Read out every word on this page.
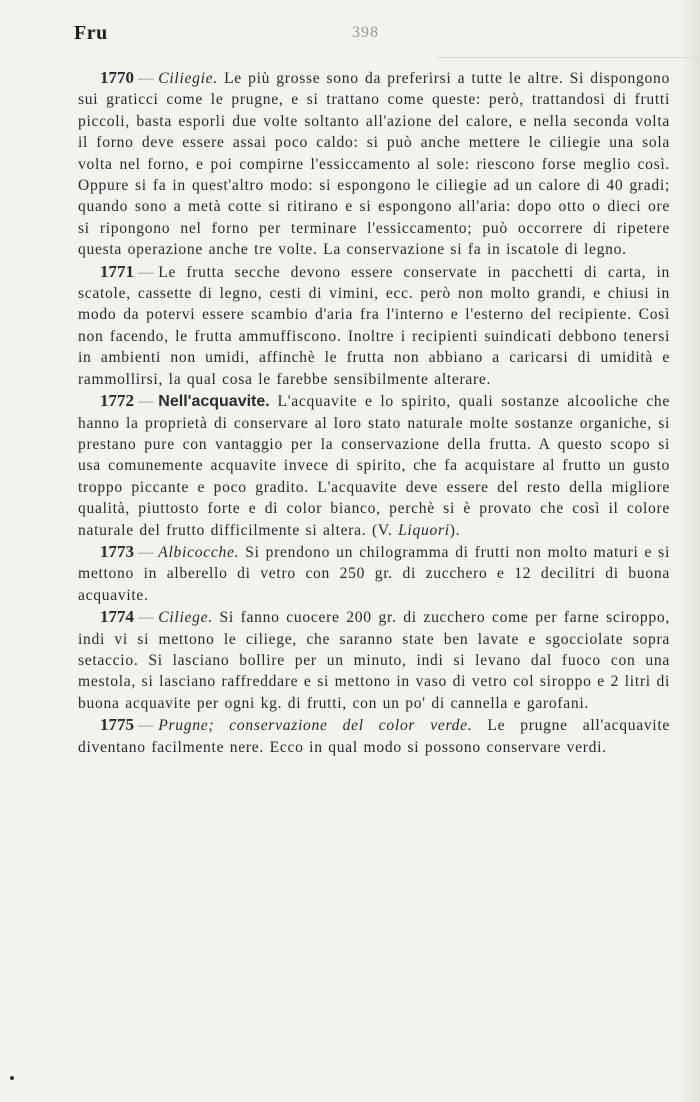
Fru	398

1770 — Ciliegie. Le più grosse sono da preferirsi a tutte le altre. Si dispongono sui graticci come le prugne, e si trattano come queste: però, trattandosi di frutti piccoli, basta esporli due volte soltanto all'azione del calore, e nella seconda volta il forno deve essere assai poco caldo: si può anche mettere le ciliegie una sola volta nel forno, e poi compirne l'essiccamento al sole: riescono forse meglio così. Oppure si fa in quest'altro modo: si espongono le ciliegie ad un calore di 40 gradi; quando sono a metà cotte si ritirano e si espongono all'aria: dopo otto o dieci ore si ripongono nel forno per terminare l'essiccamento; può occorrere di ripetere questa operazione anche tre volte. La conservazione si fa in iscatole di legno.

1771 — Le frutta secche devono essere conservate in pacchetti di carta, in scatole, cassette di legno, cesti di vimini, ecc. però non molto grandi, e chiusi in modo da potervi essere scambio d'aria fra l'interno e l'esterno del recipiente. Così non facendo, le frutta ammuffiscono. Inoltre i recipienti suindicati debbono tenersi in ambienti non umidi, affinchè le frutta non abbiano a caricarsi di umidità e rammollirsi, la qual cosa le farebbe sensibilmente alterare.

1772 — Nell'acquavite. L'acquavite e lo spirito, quali sostanze alcooliche che hanno la proprietà di conservare al loro stato naturale molte sostanze organiche, si prestano pure con vantaggio per la conservazione della frutta. A questo scopo si usa comunemente acquavite invece di spirito, che fa acquistare al frutto un gusto troppo piccante e poco gradito. L'acquavite deve essere del resto della migliore qualità, piuttosto forte e di color bianco, perchè si è provato che così il colore naturale del frutto difficilmente si altera. (V. Liquori).

1773 — Albicocche. Si prendono un chilogramma di frutti non molto maturi e si mettono in alberello di vetro con 250 gr. di zucchero e 12 decilitri di buona acquavite.

1774 — Ciliege. Si fanno cuocere 200 gr. di zucchero come per farne sciroppo, indi vi si mettono le ciliege, che saranno state ben lavate e sgocciolate sopra setaccio. Si lasciano bollire per un minuto, indi si levano dal fuoco con una mestola, si lasciano raffreddare e si mettono in vaso di vetro col siroppo e 2 litri di buona acquavite per ogni kg. di frutti, con un po' di cannella e garofani.

1775 — Prugne; conservazione del color verde. Le prugne all'acquavite diventano facilmente nere. Ecco in qual modo si possono conservare verdi.
